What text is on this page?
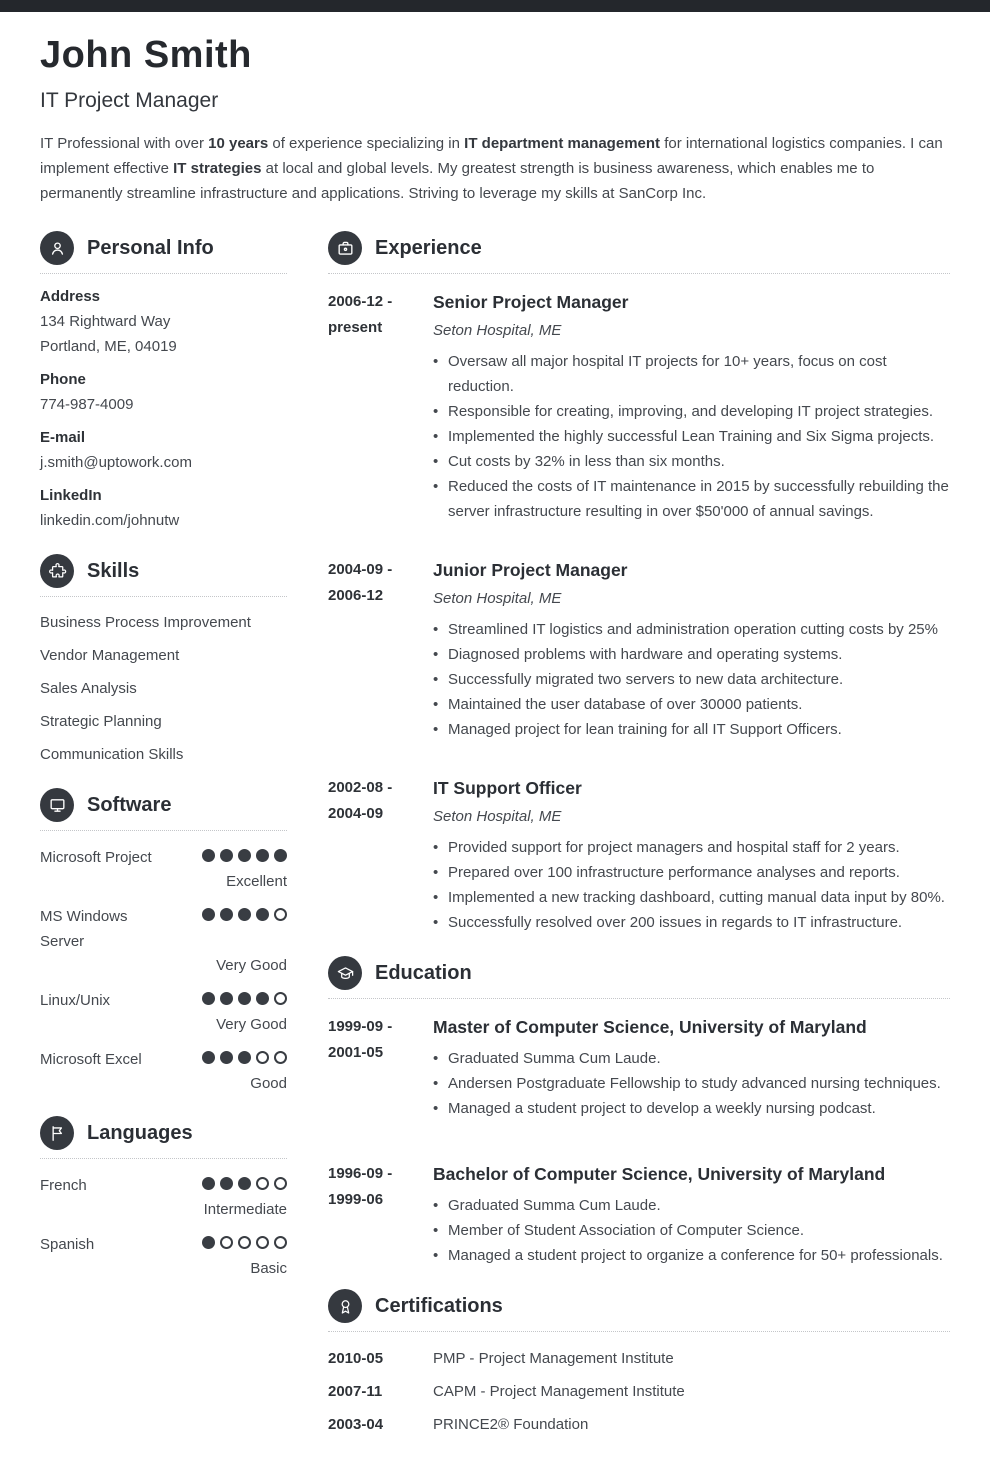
John Smith
IT Project Manager

IT Professional with over 10 years of experience specializing in IT department management for international logistics companies. I can implement effective IT strategies at local and global levels. My greatest strength is business awareness, which enables me to permanently streamline infrastructure and applications. Striving to leverage my skills at SanCorp Inc.

Personal Info
Address
134 Rightward Way
Portland, ME, 04019
Phone
774-987-4009
E-mail
j.smith@uptowork.com
LinkedIn
linkedin.com/johnutw
Skills
Business Process Improvement
Vendor Management
Sales Analysis
Strategic Planning
Communication Skills
Software
Microsoft Project
Excellent
MS Windows Server
Very Good
Linux/Unix
Very Good
Microsoft Excel
Good
Languages
French
Intermediate
Spanish
Basic
Experience
2006-12 -
present
Senior Project Manager
Seton Hospital, ME
• Oversaw all major hospital IT projects for 10+ years, focus on cost reduction.
• Responsible for creating, improving, and developing IT project strategies.
• Implemented the highly successful Lean Training and Six Sigma projects.
• Cut costs by 32% in less than six months.
• Reduced the costs of IT maintenance in 2015 by successfully rebuilding the server infrastructure resulting in over $50'000 of annual savings.
2004-09 -
2006-12
Junior Project Manager
Seton Hospital, ME
• Streamlined IT logistics and administration operation cutting costs by 25%
• Diagnosed problems with hardware and operating systems.
• Successfully migrated two servers to new data architecture.
• Maintained the user database of over 30000 patients.
• Managed project for lean training for all IT Support Officers.
2002-08 -
2004-09
IT Support Officer
Seton Hospital, ME
• Provided support for project managers and hospital staff for 2 years.
• Prepared over 100 infrastructure performance analyses and reports.
• Implemented a new tracking dashboard, cutting manual data input by 80%.
• Successfully resolved over 200 issues in regards to IT infrastructure.
Education
1999-09 -
2001-05
Master of Computer Science, University of Maryland
• Graduated Summa Cum Laude.
• Andersen Postgraduate Fellowship to study advanced nursing techniques.
• Managed a student project to develop a weekly nursing podcast.
1996-09 -
1999-06
Bachelor of Computer Science, University of Maryland
• Graduated Summa Cum Laude.
• Member of Student Association of Computer Science.
• Managed a student project to organize a conference for 50+ professionals.
Certifications
2010-05	PMP - Project Management Institute
2007-11	CAPM - Project Management Institute
2003-04	PRINCE2® Foundation
